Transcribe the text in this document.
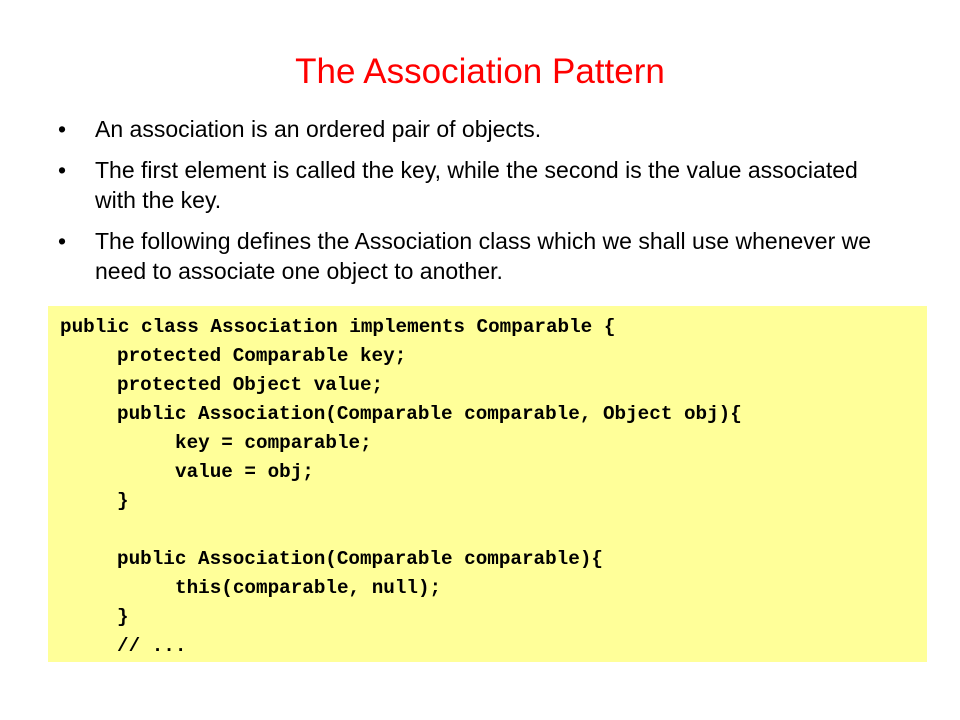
The Association Pattern
• An association is an ordered pair of objects.
• The first element is called the key, while the second is the value associated with the key.
• The following defines the Association class which we shall use whenever we need to associate one object to another.
public class Association implements Comparable {
protected Comparable key;
protected Object value;
public Association(Comparable comparable, Object obj){
key = comparable;
value = obj;
}
public Association(Comparable comparable){
this(comparable, null);
}
// ...
